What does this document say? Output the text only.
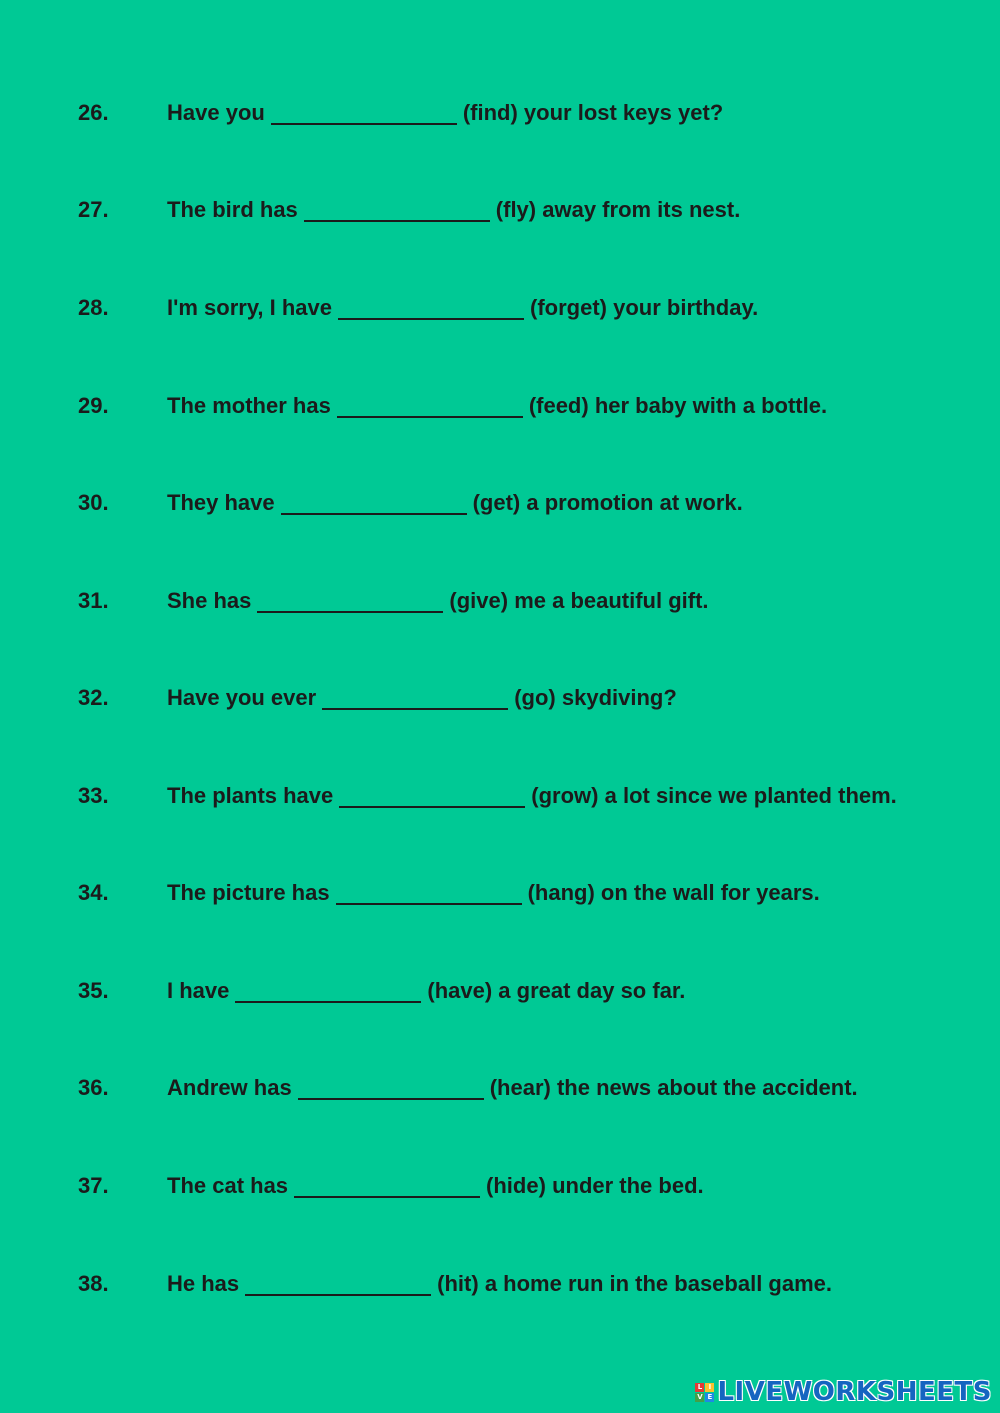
26.	Have you	(find)
your lost keys yet?
27.	The bird has	(fly)
away from its nest.
28.	I'm sorry, I have	(forget)
your birthday.
29.	The mother has	(feed)
her baby with a bottle.
30.	They have	(get)
a promotion at work.
31.	She has	(give)
me a beautiful gift.
32.	Have you ever	(go)
skydiving?
33.	The plants have	(grow)
a lot since we planted them.
34.	The picture has	(hang)
on the wall for years.
35.	I have	(have)
a great day so far.
36.	Andrew has	(hear)
the news about the accident.
37.	The cat has	(hide)
under the bed.
38.	He has	(hit)
a home run in the baseball game.
L I
V E LIVEWORKSHEETS
